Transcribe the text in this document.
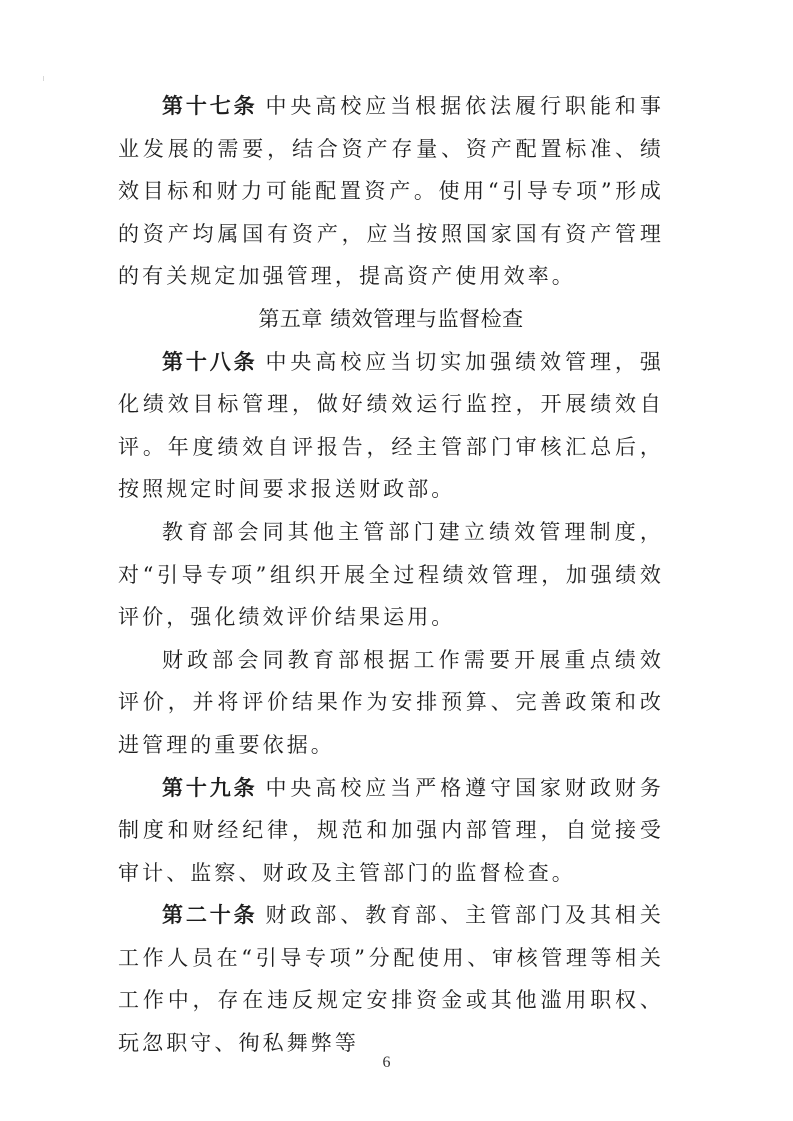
第十七条 中央高校应当根据依法履行职能和事业发展的需要，结合资产存量、资产配置标准、绩效目标和财力可能配置资产。使用“引导专项”形成的资产均属国有资产，应当按照国家国有资产管理的有关规定加强管理，提高资产使用效率。

第五章 绩效管理与监督检查

第十八条 中央高校应当切实加强绩效管理，强化绩效目标管理，做好绩效运行监控，开展绩效自评。年度绩效自评报告，经主管部门审核汇总后，按照规定时间要求报送财政部。

教育部会同其他主管部门建立绩效管理制度，对“引导专项”组织开展全过程绩效管理，加强绩效评价，强化绩效评价结果运用。

财政部会同教育部根据工作需要开展重点绩效评价，并将评价结果作为安排预算、完善政策和改进管理的重要依据。

第十九条 中央高校应当严格遵守国家财政财务制度和财经纪律，规范和加强内部管理，自觉接受审计、监察、财政及主管部门的监督检查。

第二十条 财政部、教育部、主管部门及其相关工作人员在“引导专项”分配使用、审核管理等相关工作中，存在违反规定安排资金或其他滥用职权、玩忽职守、徇私舞弊等

6
